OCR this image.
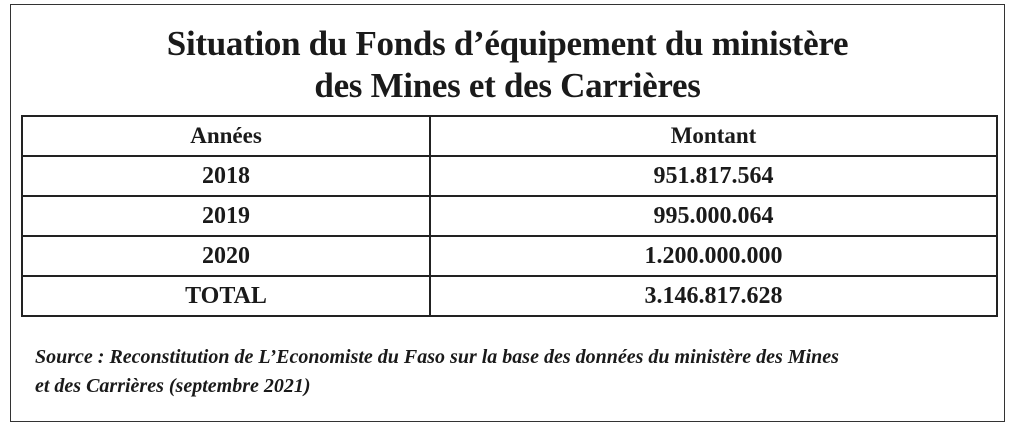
Situation du Fonds d’équipement du ministère
des Mines et des Carrières
Années	Montant
2018	951.817.564
2019	995.000.064
2020	1.200.000.000
TOTAL	3.146.817.628
Source : Reconstitution de L’Economiste du Faso sur la base des données du ministère des Mines
et des Carrières (septembre 2021)
